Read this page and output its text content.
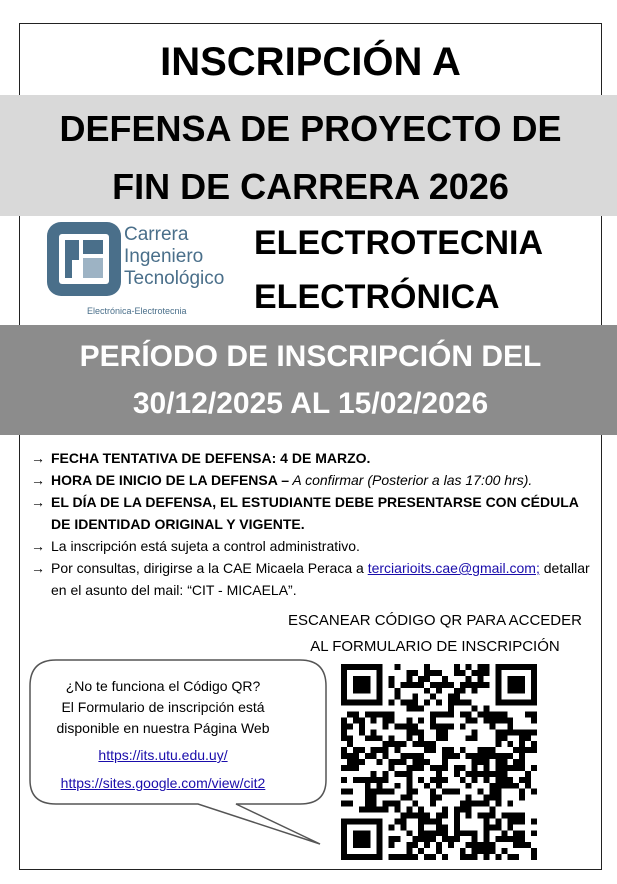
INSCRIPCIÓN A
DEFENSA DE PROYECTO DE
FIN DE CARRERA 2026
Carrera
Ingeniero
Tecnológico
Electrónica-Electrotecnia
ELECTROTECNIA
ELECTRÓNICA
PERÍODO DE INSCRIPCIÓN DEL
30/12/2025 AL 15/02/2026
→ FECHA TENTATIVA DE DEFENSA: 4 DE MARZO.
→ HORA DE INICIO DE LA DEFENSA – A confirmar (Posterior a las 17:00 hrs).
→ EL DÍA DE LA DEFENSA, EL ESTUDIANTE DEBE PRESENTARSE CON CÉDULA DE IDENTIDAD ORIGINAL Y VIGENTE.
→ La inscripción está sujeta a control administrativo.
→ Por consultas, dirigirse a la CAE Micaela Peraca a terciarioits.cae@gmail.com; detallar en el asunto del mail: “CIT - MICAELA”.
ESCANEAR CÓDIGO QR PARA ACCEDER
AL FORMULARIO DE INSCRIPCIÓN
¿No te funciona el Código QR?
El Formulario de inscripción está disponible en nuestra Página Web
https://its.utu.edu.uy/
https://sites.google.com/view/cit2
